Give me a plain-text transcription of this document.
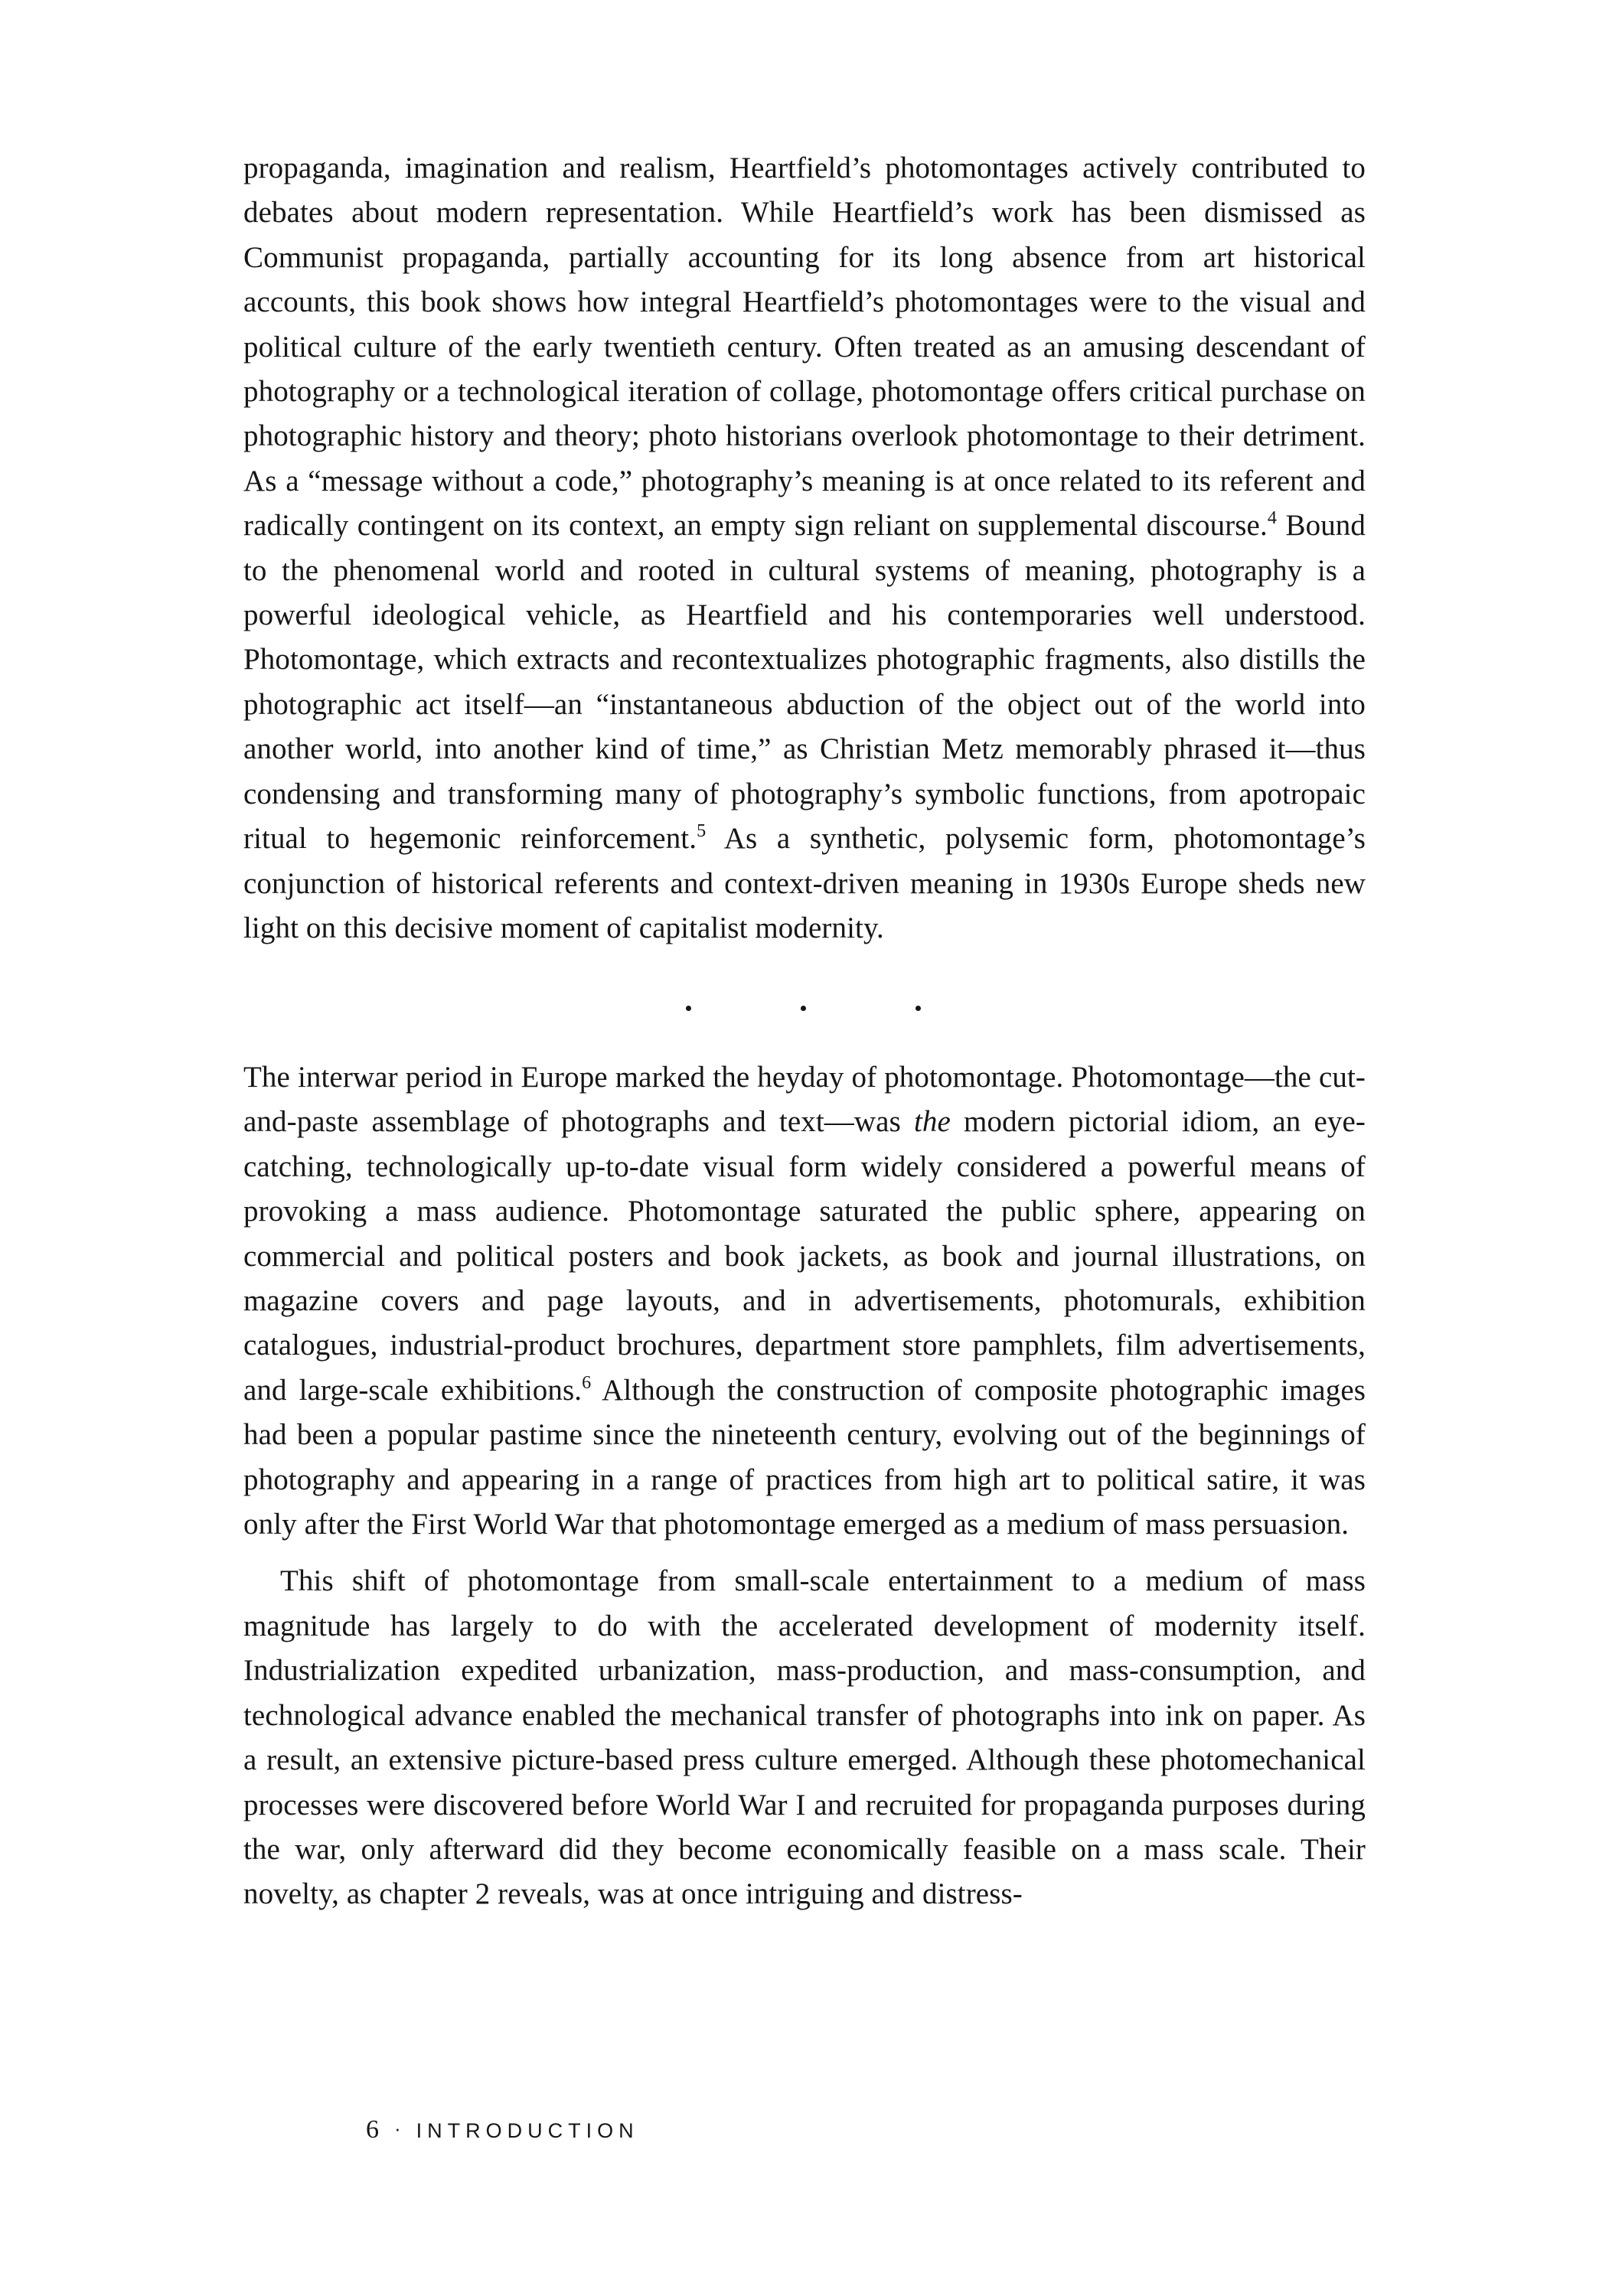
propaganda, imagination and realism, Heartfield’s photomontages actively contributed to debates about modern representation. While Heartfield’s work has been dismissed as Communist propaganda, partially accounting for its long absence from art historical accounts, this book shows how integral Heartfield’s photomontages were to the visual and political culture of the early twentieth century. Often treated as an amusing descendant of photography or a technological iteration of collage, photomontage offers critical purchase on photographic history and theory; photo historians overlook photomontage to their detriment. As a “message without a code,” photography’s meaning is at once related to its referent and radically contingent on its context, an empty sign reliant on supplemental discourse.$^4$ Bound to the phenomenal world and rooted in cultural systems of meaning, photography is a powerful ideological vehicle, as Heartfield and his contemporaries well understood. Photomontage, which extracts and recontextualizes photographic fragments, also distills the photographic act itself—an “instantaneous abduction of the object out of the world into another world, into another kind of time,” as Christian Metz memorably phrased it—thus condensing and transforming many of photography’s symbolic functions, from apotropaic ritual to hegemonic reinforcement.$^5$ As a synthetic, polysemic form, photomontage’s conjunction of historical referents and context-driven meaning in 1930s Europe sheds new light on this decisive moment of capitalist modernity.

The interwar period in Europe marked the heyday of photomontage. Photomontage—the cut-and-paste assemblage of photographs and text—was the modern pictorial idiom, an eye-catching, technologically up-to-date visual form widely considered a powerful means of provoking a mass audience. Photomontage saturated the public sphere, appearing on commercial and political posters and book jackets, as book and journal illustrations, on magazine covers and page layouts, and in advertisements, photomurals, exhibition catalogues, industrial-product brochures, department store pamphlets, film advertisements, and large-scale exhibitions.$^6$ Although the construction of composite photographic images had been a popular pastime since the nineteenth century, evolving out of the beginnings of photography and appearing in a range of practices from high art to political satire, it was only after the First World War that photomontage emerged as a medium of mass persuasion.

This shift of photomontage from small-scale entertainment to a medium of mass magnitude has largely to do with the accelerated development of modernity itself. Industrialization expedited urbanization, mass-production, and mass-consumption, and technological advance enabled the mechanical transfer of photographs into ink on paper. As a result, an extensive picture-based press culture emerged. Although these photomechanical processes were discovered before World War I and recruited for propaganda purposes during the war, only afterward did they become economically feasible on a mass scale. Their novelty, as chapter 2 reveals, was at once intriguing and distress-

6 · INTRODUCTION
